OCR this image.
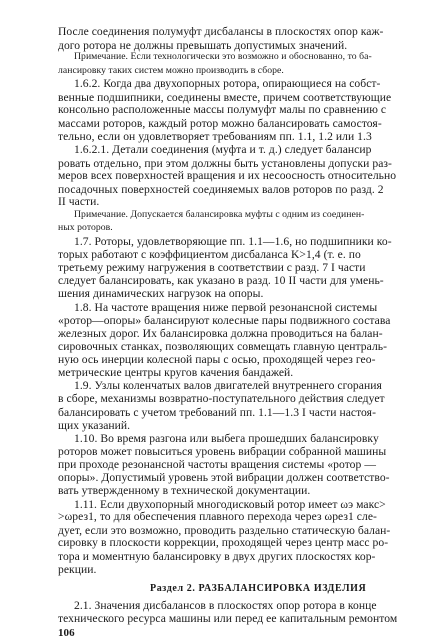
После соединения полумуфт дисбалансы в плоскостях опор каж-
дого ротора не должны превышать допустимых значений.
Примечание. Если технологически это возможно и обоснованно, то ба-
лансировку таких систем можно производить в сборе.
1.6.2. Когда два двухопорных ротора, опирающиеся на собст-
венные подшипники, соединены вместе, причем соответствующие
консольно расположенные массы полумуфт малы по сравнению с
массами роторов, каждый ротор можно балансировать самостоя-
тельно, если он удовлетворяет требованиям пп. 1.1, 1.2 или 1.3
1.6.2.1. Детали соединения (муфта и т. д.) следует балансир
ровать отдельно, при этом должны быть установлены допуски раз-
меров всех поверхностей вращения и их несоосность относительно
посадочных поверхностей соединяемых валов роторов по разд. 2
II части.
Примечание. Допускается балансировка муфты с одним из соединен-
ных роторов.
1.7. Роторы, удовлетворяющие пп. 1.1—1.6, но подшипники ко-
торых работают с коэффициентом дисбаланса K>1,4 (т. е. по
третьему режиму нагружения в соответствии с разд. 7 I части
следует балансировать, как указано в разд. 10 II части для умень-
шения динамических нагрузок на опоры.
1.8. На частоте вращения ниже первой резонансной системы
«ротор—опоры» балансируют колесные пары подвижного состава
железных дорог. Их балансировка должна проводиться на балан-
сировочных станках, позволяющих совмещать главную централь-
ную ось инерции колесной пары с осью, проходящей через гео-
метрические центры кругов качения бандажей.
1.9. Узлы коленчатых валов двигателей внутреннего сгорания
в сборе, механизмы возвратно-поступательного действия следует
балансировать с учетом требований пп. 1.1—1.3 I части настоя-
щих указаний.
1.10. Во время разгона или выбега прошедших балансировку
роторов может повыситься уровень вибрации собранной машины
при проходе резонансной частоты вращения системы «ротор —
опоры». Допустимый уровень этой вибрации должен соответство-
вать утвержденному в технической документации.
1.11. Если двухопорный многодисковый ротор имеет ωэ макс>
>ωрез1, то для обеспечения плавного перехода через ωрез1 сле-
дует, если это возможно, проводить раздельно статическую балан-
сировку в плоскости коррекции, проходящей через центр масс ро-
тора и моментную балансировку в двух других плоскостях кор-
рекции.
Раздел 2. РАЗБАЛАНСИРОВКА ИЗДЕЛИЯ
2.1. Значения дисбалансов в плоскостях опор ротора в конце
технического ресурса машины или перед ее капитальным ремонтом
106
